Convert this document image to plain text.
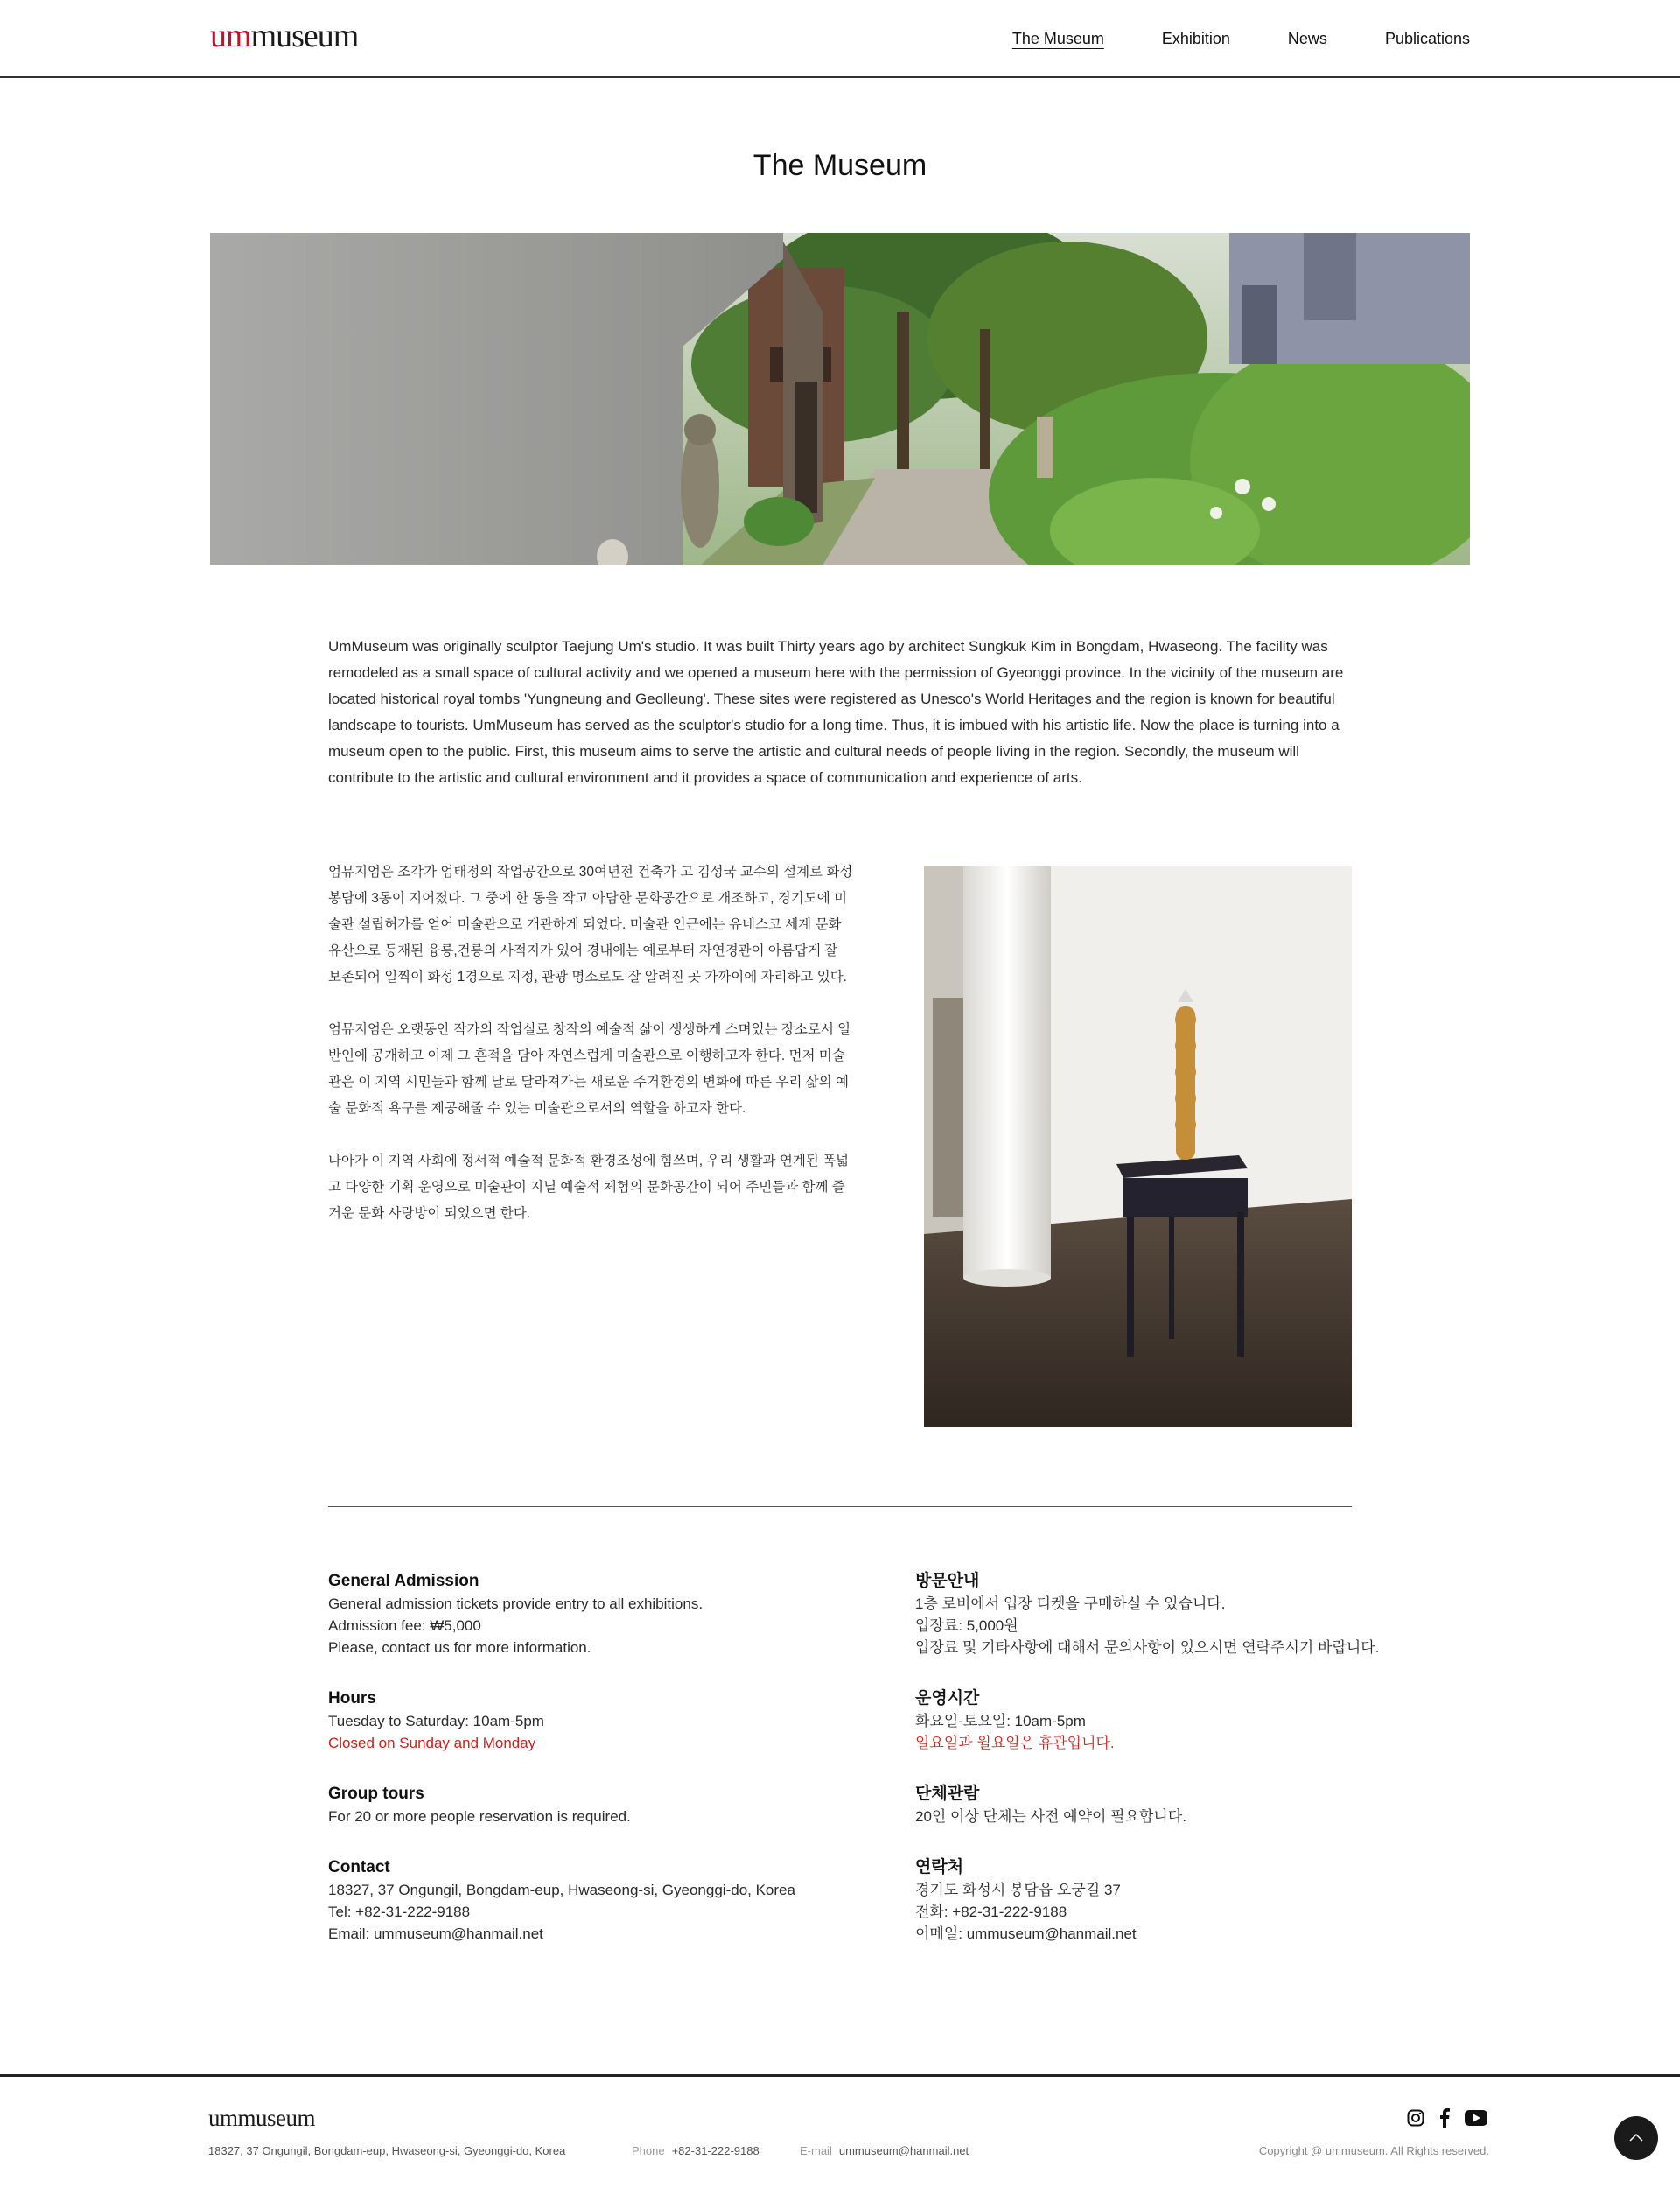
ummuseum	The Museum	Exhibition	News	Publications
The Museum

UmMuseum was originally sculptor Taejung Um's studio. It was built Thirty years ago by architect Sungkuk Kim in Bongdam, Hwaseong. The facility was remodeled as a small space of cultural activity and we opened a museum here with the permission of Gyeonggi province. In the vicinity of the museum are located historical royal tombs 'Yungneung and Geolleung'. These sites were registered as Unesco's World Heritages and the region is known for beautiful landscape to tourists. UmMuseum has served as the sculptor's studio for a long time. Thus, it is imbued with his artistic life. Now the place is turning into a museum open to the public. First, this museum aims to serve the artistic and cultural needs of people living in the region. Secondly, the museum will contribute to the artistic and cultural environment and it provides a space of communication and experience of arts.

엄뮤지엄은 조각가 엄태정의 작업공간으로 30여년전 건축가 고 김성국 교수의 설계로 화성 봉담에 3동이 지어졌다. 그 중에 한 동을 작고 아담한 문화공간으로 개조하고, 경기도에 미술관 설립허가를 얻어 미술관으로 개관하게 되었다. 미술관 인근에는 유네스코 세계 문화유산으로 등재된 융릉,건릉의 사적지가 있어 경내에는 예로부터 자연경관이 아름답게 잘 보존되어 일찍이 화성 1경으로 지정, 관광 명소로도 잘 알려진 곳 가까이에 자리하고 있다.

엄뮤지엄은 오랫동안 작가의 작업실로 창작의 예술적 삶이 생생하게 스며있는 장소로서 일반인에 공개하고 이제 그 흔적을 담아 자연스럽게 미술관으로 이행하고자 한다. 먼저 미술관은 이 지역 시민들과 함께 날로 달라져가는 새로운 주거환경의 변화에 따른 우리 삶의 예술 문화적 욕구를 제공해줄 수 있는 미술관으로서의 역할을 하고자 한다.

나아가 이 지역 사회에 정서적 예술적 문화적 환경조성에 힘쓰며, 우리 생활과 연계된 폭넓고 다양한 기획 운영으로 미술관이 지닐 예술적 체험의 문화공간이 되어 주민들과 함께 즐거운 문화 사랑방이 되었으면 한다.

General Admission
General admission tickets provide entry to all exhibitions.
Admission fee: ₩5,000
Please, contact us for more information.
Hours
Tuesday to Saturday: 10am-5pm
Closed on Sunday and Monday
Group tours
For 20 or more people reservation is required.
Contact
18327, 37 Ongungil, Bongdam-eup, Hwaseong-si, Gyeonggi-do, Korea
Tel: +82-31-222-9188
Email: ummuseum@hanmail.net
방문안내
1층 로비에서 입장 티켓을 구매하실 수 있습니다.
입장료: 5,000원
입장료 및 기타사항에 대해서 문의사항이 있으시면 연락주시기 바랍니다.
운영시간
화요일-토요일: 10am-5pm
일요일과 월요일은 휴관입니다.
단체관람
20인 이상 단체는 사전 예약이 필요합니다.
연락처
경기도 화성시 봉담읍 오궁길 37
전화: +82-31-222-9188
이메일: ummuseum@hanmail.net
ummuseum
18327, 37 Ongungil, Bongdam-eup, Hwaseong-si, Gyeonggi-do, Korea	Phone +82-31-222-9188	E-mail ummuseum@hanmail.net	Copyright @ ummuseum. All Rights reserved.
